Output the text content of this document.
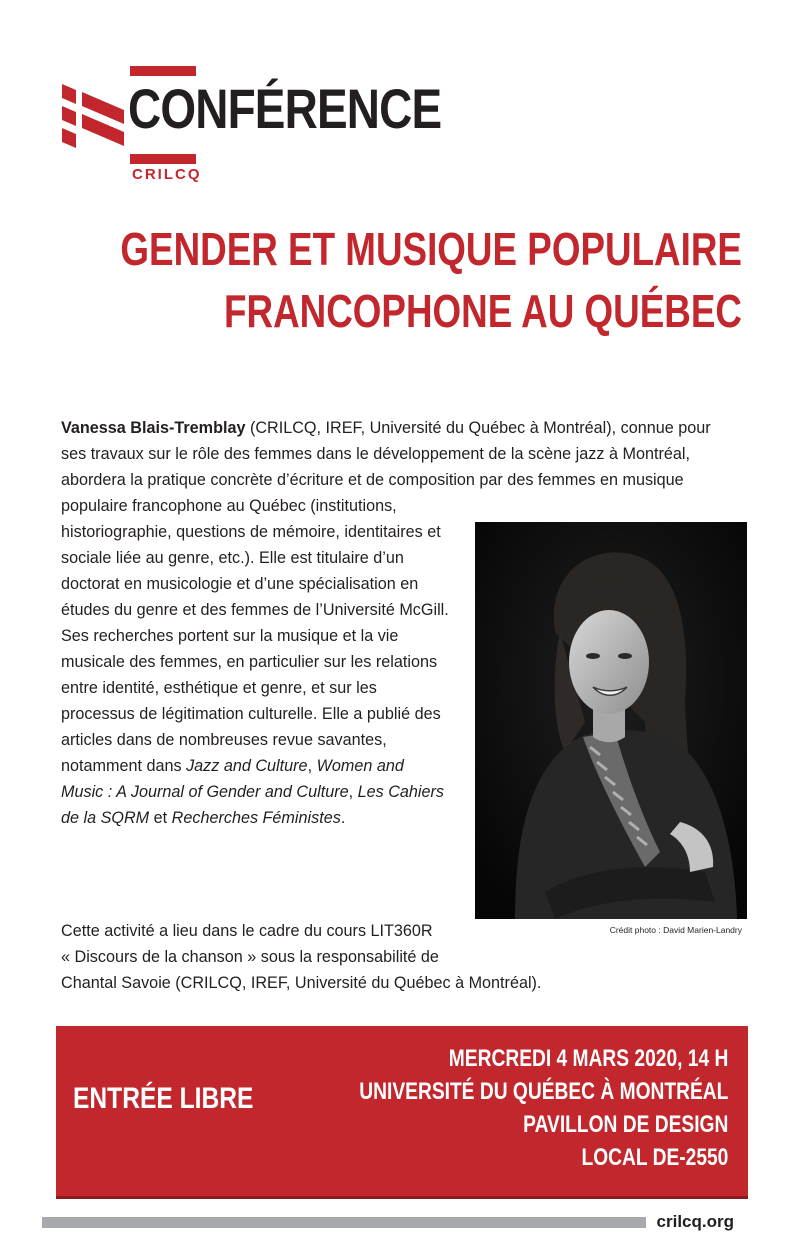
CONFÉRENCE
CRILCQ
GENDER ET MUSIQUE POPULAIRE
FRANCOPHONE AU QUÉBEC
Vanessa Blais-Tremblay (CRILCQ, IREF, Université du Québec à Montréal), connue pour
ses travaux sur le rôle des femmes dans le développement de la scène jazz à Montréal,
abordera la pratique concrète d’écriture et de composition par des femmes en musique
populaire francophone au Québec (institutions,
historiographie, questions de mémoire, identitaires et
sociale liée au genre, etc.). Elle est titulaire d’un
doctorat en musicologie et d’une spécialisation en
études du genre et des femmes de l’Université McGill.
Ses recherches portent sur la musique et la vie
musicale des femmes, en particulier sur les relations
entre identité, esthétique et genre, et sur les
processus de légitimation culturelle. Elle a publié des
articles dans de nombreuses revue savantes,
notamment dans Jazz and Culture, Women and
Music : A Journal of Gender and Culture, Les Cahiers
de la SQRM et Recherches Féministes.
Crédit photo : David Marien-Landry
Cette activité a lieu dans le cadre du cours LIT360R
« Discours de la chanson » sous la responsabilité de
Chantal Savoie (CRILCQ, IREF, Université du Québec à Montréal).
ENTRÉE LIBRE
MERCREDI 4 MARS 2020, 14 H
UNIVERSITÉ DU QUÉBEC À MONTRÉAL
PAVILLON DE DESIGN
LOCAL DE-2550
crilcq.org
